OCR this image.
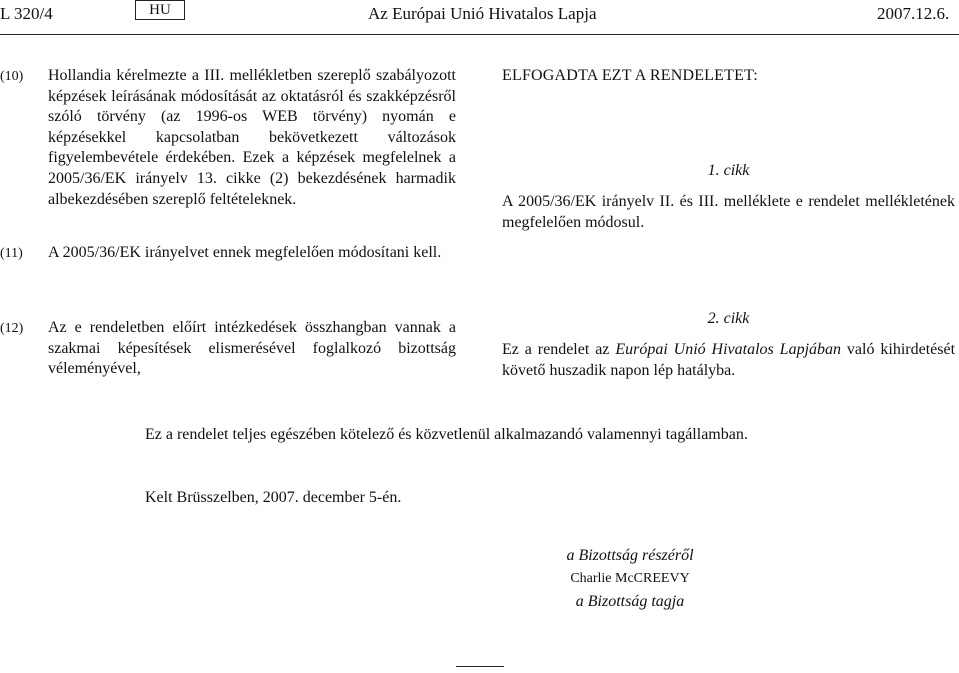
L 320/4	HU	Az Európai Unió Hivatalos Lapja	2007.12.6.
(10)	Hollandia kérelmezte a III. mellékletben szereplő szabályozott képzések leírásának módosítását az oktatásról és szakképzésről szóló törvény (az 1996-os WEB törvény) nyomán e képzésekkel kapcsolatban bekövetkezett változások figyelembevétele érdekében. Ezek a képzések megfelelnek a 2005/36/EK irányelv 13. cikke (2) bekezdésének harmadik albekezdésében szereplő feltételeknek.
(11)	A 2005/36/EK irányelvet ennek megfelelően módosítani kell.
(12)	Az e rendeletben előírt intézkedések összhangban vannak a szakmai képesítések elismerésével foglalkozó bizottság véleményével,
ELFOGADTA EZT A RENDELETET:
1. cikk
A 2005/36/EK irányelv II. és III. melléklete e rendelet mellékletének megfelelően módosul.
2. cikk
Ez a rendelet az Európai Unió Hivatalos Lapjában való kihirdetését követő huszadik napon lép hatályba.
Ez a rendelet teljes egészében kötelező és közvetlenül alkalmazandó valamennyi tagállamban.
Kelt Brüsszelben, 2007. december 5-én.
a Bizottság részéről
Charlie McCREEVY
a Bizottság tagja
